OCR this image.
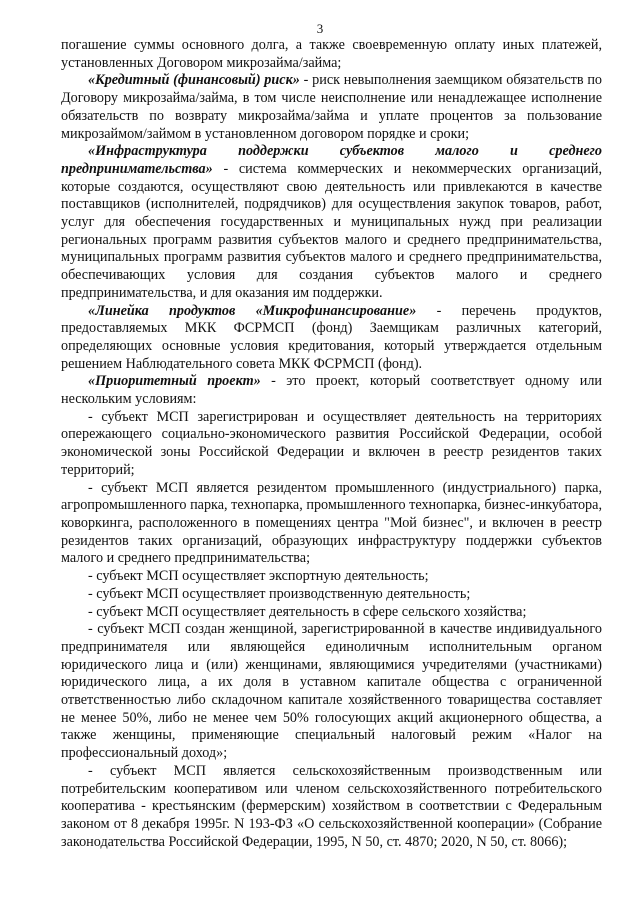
3

погашение суммы основного долга, а также своевременную оплату иных платежей, установленных Договором микрозайма/займа;

«Кредитный (финансовый) риск» - риск невыполнения заемщиком обязательств по Договору микрозайма/займа, в том числе неисполнение или ненадлежащее исполнение обязательств по возврату микрозайма/займа и уплате процентов за пользование микрозаймом/займом в установленном договором порядке и сроки;

«Инфраструктура поддержки субъектов малого и среднего предпринимательства» - система коммерческих и некоммерческих организаций, которые создаются, осуществляют свою деятельность или привлекаются в качестве поставщиков (исполнителей, подрядчиков) для осуществления закупок товаров, работ, услуг для обеспечения государственных и муниципальных нужд при реализации региональных программ развития субъектов малого и среднего предпринимательства, муниципальных программ развития субъектов малого и среднего предпринимательства, обеспечивающих условия для создания субъектов малого и среднего предпринимательства, и для оказания им поддержки.

«Линейка продуктов «Микрофинансирование» - перечень продуктов, предоставляемых МКК ФСРМСП (фонд) Заемщикам различных категорий, определяющих основные условия кредитования, который утверждается отдельным решением Наблюдательного совета МКК ФСРМСП (фонд).

«Приоритетный проект» - это проект, который соответствует одному или нескольким условиям:

- субъект МСП зарегистрирован и осуществляет деятельность на территориях опережающего социально-экономического развития Российской Федерации, особой экономической зоны Российской Федерации и включен в реестр резидентов таких территорий;

- субъект МСП является резидентом промышленного (индустриального) парка, агропромышленного парка, технопарка, промышленного технопарка, бизнес-инкубатора, коворкинга, расположенного в помещениях центра "Мой бизнес", и включен в реестр резидентов таких организаций, образующих инфраструктуру поддержки субъектов малого и среднего предпринимательства;

- субъект МСП осуществляет экспортную деятельность;

- субъект МСП осуществляет производственную деятельность;

- субъект МСП осуществляет деятельность в сфере сельского хозяйства;

- субъект МСП создан женщиной, зарегистрированной в качестве индивидуального предпринимателя или являющейся единоличным исполнительным органом юридического лица и (или) женщинами, являющимися учредителями (участниками) юридического лица, а их доля в уставном капитале общества с ограниченной ответственностью либо складочном капитале хозяйственного товарищества составляет не менее 50%, либо не менее чем 50% голосующих акций акционерного общества, а также женщины, применяющие специальный налоговый режим «Налог на профессиональный доход»;

- субъект МСП является сельскохозяйственным производственным или потребительским кооперативом или членом сельскохозяйственного потребительского кооператива - крестьянским (фермерским) хозяйством в соответствии с Федеральным законом от 8 декабря 1995г. N 193-ФЗ «О сельскохозяйственной кооперации» (Собрание законодательства Российской Федерации, 1995, N 50, ст. 4870; 2020, N 50, ст. 8066);
